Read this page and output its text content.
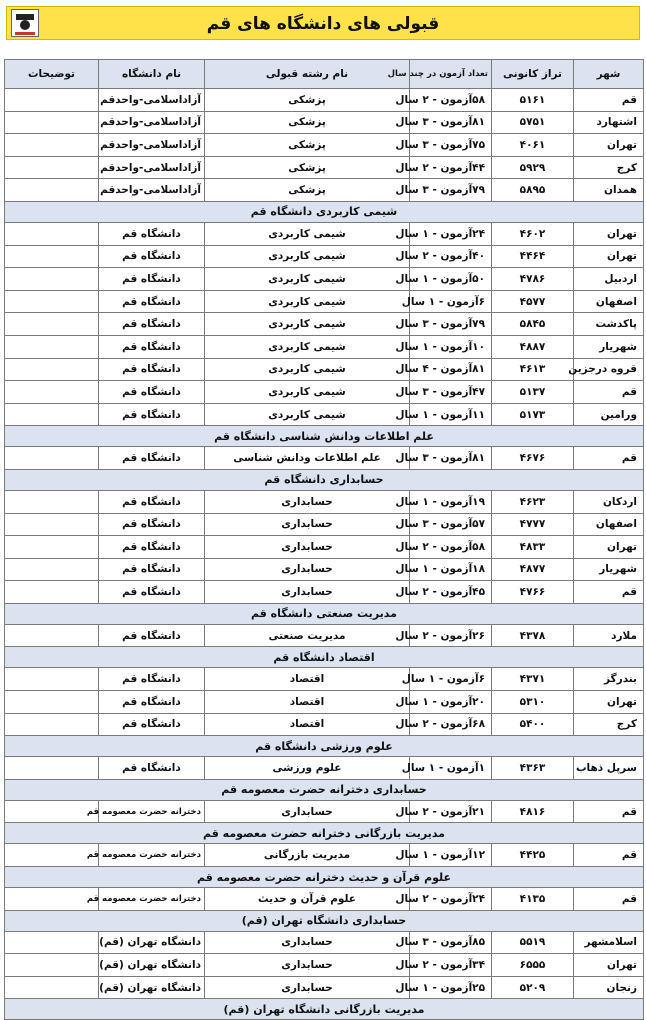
قبولی های دانشگاه های قم
شهر	تراز کانونی	تعداد آزمون در چند سال	نام رشته قبولی	نام دانشگاه	توضیحات
قم	۵۱۶۱	۵۸آزمون - ۲ سال	پزشکی	آزاداسلامی-واحدقم	
اشتهارد	۵۷۵۱	۸۱آزمون - ۳ سال	پزشکی	آزاداسلامی-واحدقم	
تهران	۴۰۶۱	۷۵آزمون - ۳ سال	پزشکی	آزاداسلامی-واحدقم	
کرج	۵۹۲۹	۴۴آزمون - ۲ سال	پزشکی	آزاداسلامی-واحدقم	
همدان	۵۸۹۵	۷۹آزمون - ۳ سال	پزشکی	آزاداسلامی-واحدقم	
شیمی کاربردی دانشگاه قم					
تهران	۴۶۰۲	۲۴آزمون - ۱ سال	شیمی کاربردی	دانشگاه قم	
تهران	۴۴۶۴	۴۰آزمون - ۲ سال	شیمی کاربردی	دانشگاه قم	
اردبیل	۴۷۸۶	۵۰آزمون - ۱ سال	شیمی کاربردی	دانشگاه قم	
اصفهان	۴۵۷۷	۶آزمون - ۱ سال	شیمی کاربردی	دانشگاه قم	
پاکدشت	۵۸۴۵	۷۹آزمون - ۳ سال	شیمی کاربردی	دانشگاه قم	
شهریار	۴۸۸۷	۱۰آزمون - ۱ سال	شیمی کاربردی	دانشگاه قم	
قروه درجزین	۴۶۱۳	۸۱آزمون - ۴ سال	شیمی کاربردی	دانشگاه قم	
قم	۵۱۳۷	۴۷آزمون - ۳ سال	شیمی کاربردی	دانشگاه قم	
ورامین	۵۱۷۳	۱۱آزمون - ۱ سال	شیمی کاربردی	دانشگاه قم	
علم اطلاعات ودانش شناسی دانشگاه قم					
قم	۴۶۷۶	۸۱آزمون - ۳ سال	علم اطلاعات ودانش شناسی	دانشگاه قم	
حسابداری دانشگاه قم					
اردکان	۴۶۲۳	۱۹آزمون - ۱ سال	حسابداری	دانشگاه قم	
اصفهان	۴۷۷۷	۵۷آزمون - ۳ سال	حسابداری	دانشگاه قم	
تهران	۴۸۳۳	۵۸آزمون - ۲ سال	حسابداری	دانشگاه قم	
شهریار	۴۸۷۷	۱۸آزمون - ۱ سال	حسابداری	دانشگاه قم	
قم	۴۷۶۶	۴۵آزمون - ۲ سال	حسابداری	دانشگاه قم	
مدیریت صنعتی دانشگاه قم					
ملارد	۴۳۷۸	۲۶آزمون - ۲ سال	مدیریت صنعتی	دانشگاه قم	
اقتصاد دانشگاه قم					
بندرگز	۴۳۷۱	۶آزمون - ۱ سال	اقتصاد	دانشگاه قم	
تهران	۵۳۱۰	۲۰آزمون - ۱ سال	اقتصاد	دانشگاه قم	
کرج	۵۴۰۰	۶۸آزمون - ۲ سال	اقتصاد	دانشگاه قم	
علوم ورزشی دانشگاه قم					
سرپل ذهاب	۴۳۶۳	۱آزمون - ۱ سال	علوم ورزشی	دانشگاه قم	
حسابداری دخترانه حضرت معصومه قم					
قم	۴۸۱۶	۲۱آزمون - ۲ سال	حسابداری	دخترانه حضرت معصومه قم	
مدیریت بازرگانی دخترانه حضرت معصومه قم					
قم	۴۴۲۵	۱۲آزمون - ۱ سال	مدیریت بازرگانی	دخترانه حضرت معصومه قم	
علوم قرآن و حدیث دخترانه حضرت معصومه قم					
قم	۴۱۳۵	۲۴آزمون - ۲ سال	علوم قرآن و حدیث	دخترانه حضرت معصومه قم	
حسابداری دانشگاه تهران (قم)					
اسلامشهر	۵۵۱۹	۸۵آزمون - ۳ سال	حسابداری	دانشگاه تهران (قم)	
تهران	۶۵۵۵	۳۴آزمون - ۲ سال	حسابداری	دانشگاه تهران (قم)	
زنجان	۵۲۰۹	۲۵آزمون - ۱ سال	حسابداری	دانشگاه تهران (قم)	
مدیریت بازرگانی دانشگاه تهران (قم)					
